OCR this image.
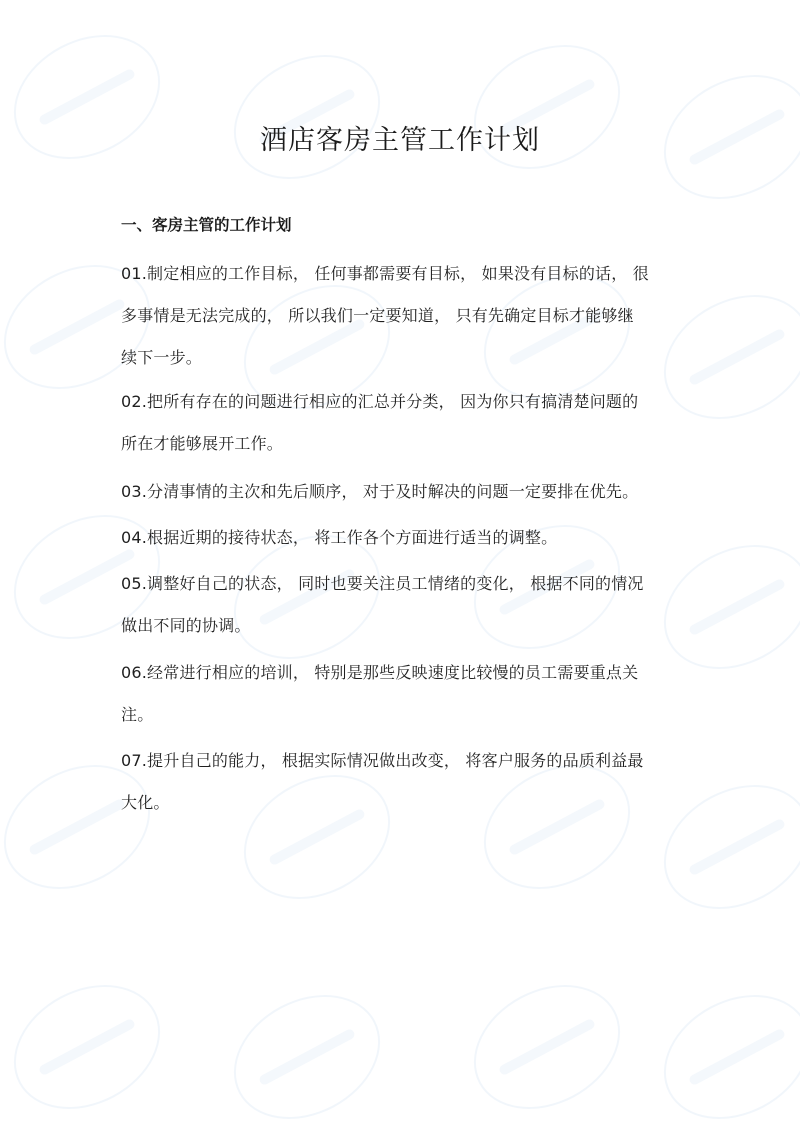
酒店客房主管工作计划
一、客房主管的工作计划

01.制定相应的工作目标， 任何事都需要有目标， 如果没有目标的话， 很
多事情是无法完成的， 所以我们一定要知道， 只有先确定目标才能够继
续下一步。

02.把所有存在的问题进行相应的汇总并分类， 因为你只有搞清楚问题的
所在才能够展开工作。

03.分清事情的主次和先后顺序， 对于及时解决的问题一定要排在优先。

04.根据近期的接待状态， 将工作各个方面进行适当的调整。

05.调整好自己的状态， 同时也要关注员工情绪的变化， 根据不同的情况
做出不同的协调。

06.经常进行相应的培训， 特别是那些反映速度比较慢的员工需要重点关
注。

07.提升自己的能力， 根据实际情况做出改变， 将客户服务的品质利益最
大化。
